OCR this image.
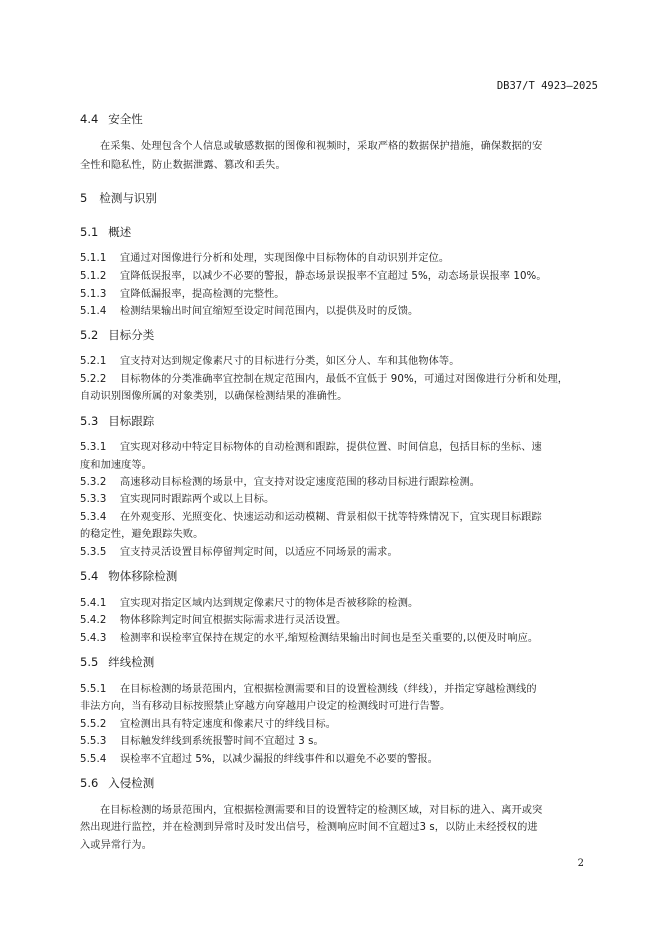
DB37/T 4923—2025
4.4 安全性
在采集、处理包含个人信息或敏感数据的图像和视频时，采取严格的数据保护措施，确保数据的安
全性和隐私性，防止数据泄露、篡改和丢失。
5 检测与识别
5.1 概述
5.1.1 宜通过对图像进行分析和处理，实现图像中目标物体的自动识别并定位。
5.1.2 宜降低误报率，以减少不必要的警报，静态场景误报率不宜超过 5%，动态场景误报率 10%。
5.1.3 宜降低漏报率，提高检测的完整性。
5.1.4 检测结果输出时间宜缩短至设定时间范围内，以提供及时的反馈。
5.2 目标分类
5.2.1 宜支持对达到规定像素尺寸的目标进行分类，如区分人、车和其他物体等。
5.2.2 目标物体的分类准确率宜控制在规定范围内，最低不宜低于 90%，可通过对图像进行分析和处理，
自动识别图像所属的对象类别，以确保检测结果的准确性。
5.3 目标跟踪
5.3.1 宜实现对移动中特定目标物体的自动检测和跟踪，提供位置、时间信息，包括目标的坐标、速
度和加速度等。
5.3.2 高速移动目标检测的场景中，宜支持对设定速度范围的移动目标进行跟踪检测。
5.3.3 宜实现同时跟踪两个或以上目标。
5.3.4 在外观变形、光照变化、快速运动和运动模糊、背景相似干扰等特殊情况下，宜实现目标跟踪
的稳定性，避免跟踪失败。
5.3.5 宜支持灵活设置目标停留判定时间，以适应不同场景的需求。
5.4 物体移除检测
5.4.1 宜实现对指定区域内达到规定像素尺寸的物体是否被移除的检测。
5.4.2 物体移除判定时间宜根据实际需求进行灵活设置。
5.4.3 检测率和误检率宜保持在规定的水平,缩短检测结果输出时间也是至关重要的,以便及时响应。
5.5 绊线检测
5.5.1 在目标检测的场景范围内，宜根据检测需要和目的设置检测线（绊线），并指定穿越检测线的
非法方向，当有移动目标按照禁止穿越方向穿越用户设定的检测线时可进行告警。
5.5.2 宜检测出具有特定速度和像素尺寸的绊线目标。
5.5.3 目标触发绊线到系统报警时间不宜超过 3 s。
5.5.4 误检率不宜超过 5%，以减少漏报的绊线事件和以避免不必要的警报。
5.6 入侵检测
在目标检测的场景范围内，宜根据检测需要和目的设置特定的检测区域，对目标的进入、离开或突
然出现进行监控，并在检测到异常时及时发出信号，检测响应时间不宜超过3 s，以防止未经授权的进
入或异常行为。
2
